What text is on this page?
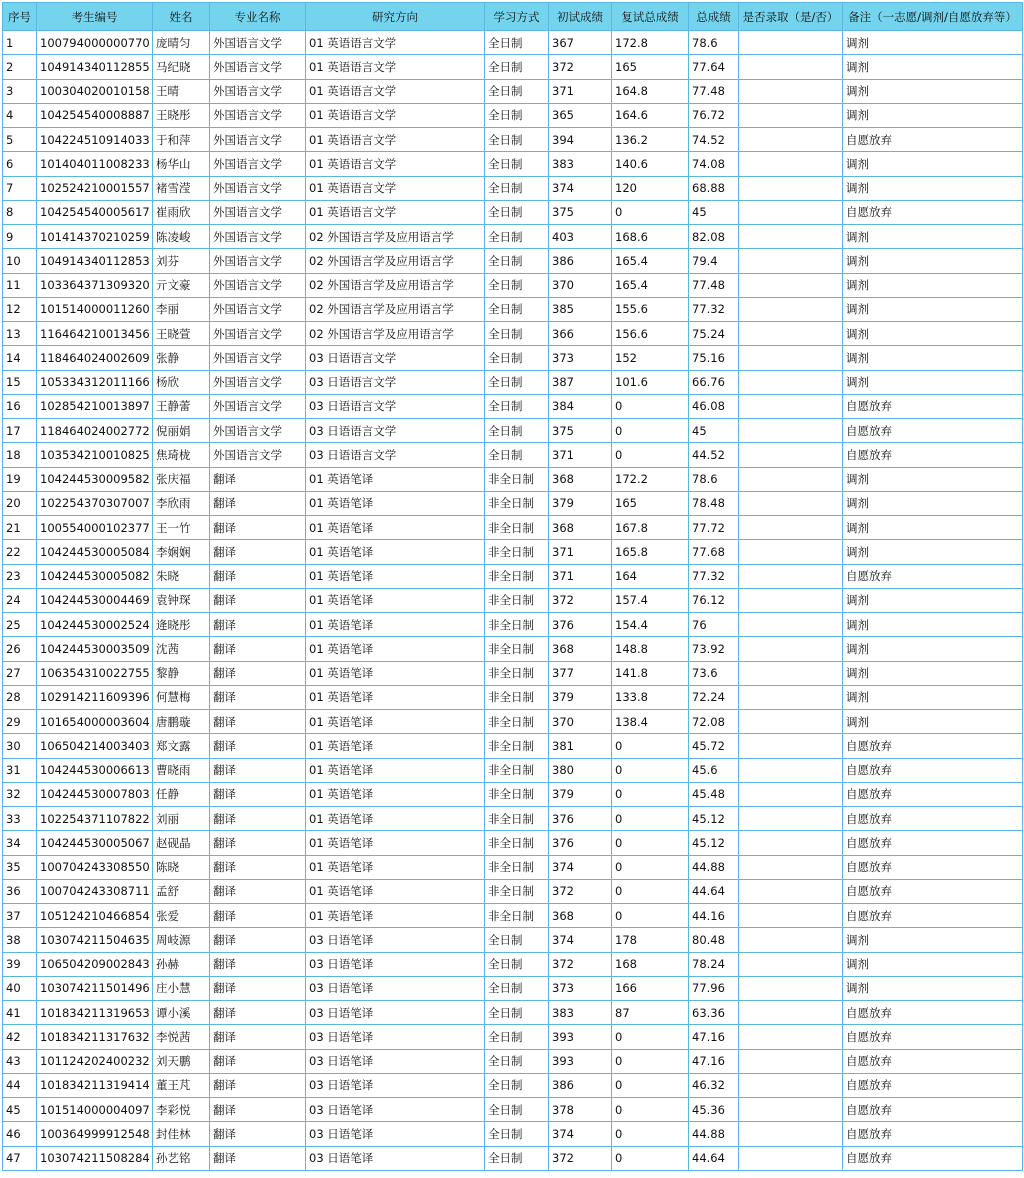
序号	考生编号	姓名	专业名称	研究方向	学习方式	初试成绩	复试总成绩	总成绩	是否录取（是/否）	备注（一志愿/调剂/自愿放弃等）
1	100794000000770	庞晴匀	外国语言文学	01 英语语言文学	全日制	367	172.8	78.6		调剂
2	104914340112855	马纪晓	外国语言文学	01 英语语言文学	全日制	372	165	77.64		调剂
3	100304020010158	王晴	外国语言文学	01 英语语言文学	全日制	371	164.8	77.48		调剂
4	104254540008887	王晓彤	外国语言文学	01 英语语言文学	全日制	365	164.6	76.72		调剂
5	104224510914033	于和萍	外国语言文学	01 英语语言文学	全日制	394	136.2	74.52		自愿放弃
6	101404011008233	杨华山	外国语言文学	01 英语语言文学	全日制	383	140.6	74.08		调剂
7	102524210001557	褚雪滢	外国语言文学	01 英语语言文学	全日制	374	120	68.88		调剂
8	104254540005617	崔雨欣	外国语言文学	01 英语语言文学	全日制	375	0	45		自愿放弃
9	101414370210259	陈凌峻	外国语言文学	02 外国语言学及应用语言学	全日制	403	168.6	82.08		调剂
10	104914340112853	刘芬	外国语言文学	02 外国语言学及应用语言学	全日制	386	165.4	79.4		调剂
11	103364371309320	亓文豪	外国语言文学	02 外国语言学及应用语言学	全日制	370	165.4	77.48		调剂
12	101514000011260	李丽	外国语言文学	02 外国语言学及应用语言学	全日制	385	155.6	77.32		调剂
13	116464210013456	王晓萱	外国语言文学	02 外国语言学及应用语言学	全日制	366	156.6	75.24		调剂
14	118464024002609	张静	外国语言文学	03 日语语言文学	全日制	373	152	75.16		调剂
15	105334312011166	杨欣	外国语言文学	03 日语语言文学	全日制	387	101.6	66.76		调剂
16	102854210013897	王静蕾	外国语言文学	03 日语语言文学	全日制	384	0	46.08		自愿放弃
17	118464024002772	倪丽娟	外国语言文学	03 日语语言文学	全日制	375	0	45		自愿放弃
18	103534210010825	焦琦栊	外国语言文学	03 日语语言文学	全日制	371	0	44.52		自愿放弃
19	104244530009582	张庆福	翻译	01 英语笔译	非全日制	368	172.2	78.6		调剂
20	102254370307007	李欣雨	翻译	01 英语笔译	非全日制	379	165	78.48		调剂
21	100554000102377	王一竹	翻译	01 英语笔译	非全日制	368	167.8	77.72		调剂
22	104244530005084	李娴娴	翻译	01 英语笔译	非全日制	371	165.8	77.68		调剂
23	104244530005082	朱晓	翻译	01 英语笔译	非全日制	371	164	77.32		自愿放弃
24	104244530004469	袁钟琛	翻译	01 英语笔译	非全日制	372	157.4	76.12		调剂
25	104244530002524	逄晓彤	翻译	01 英语笔译	非全日制	376	154.4	76		调剂
26	104244530003509	沈茜	翻译	01 英语笔译	非全日制	368	148.8	73.92		调剂
27	106354310022755	黎静	翻译	01 英语笔译	非全日制	377	141.8	73.6		调剂
28	102914211609396	何慧梅	翻译	01 英语笔译	非全日制	379	133.8	72.24		调剂
29	101654000003604	唐鹏璇	翻译	01 英语笔译	非全日制	370	138.4	72.08		调剂
30	106504214003403	郑文露	翻译	01 英语笔译	非全日制	381	0	45.72		自愿放弃
31	104244530006613	曹晓雨	翻译	01 英语笔译	非全日制	380	0	45.6		自愿放弃
32	104244530007803	任静	翻译	01 英语笔译	非全日制	379	0	45.48		自愿放弃
33	102254371107822	刘丽	翻译	01 英语笔译	非全日制	376	0	45.12		自愿放弃
34	104244530005067	赵砚晶	翻译	01 英语笔译	非全日制	376	0	45.12		自愿放弃
35	100704243308550	陈晓	翻译	01 英语笔译	非全日制	374	0	44.88		自愿放弃
36	100704243308711	孟舒	翻译	01 英语笔译	非全日制	372	0	44.64		自愿放弃
37	105124210466854	张爱	翻译	01 英语笔译	非全日制	368	0	44.16		自愿放弃
38	103074211504635	周岐源	翻译	03 日语笔译	全日制	374	178	80.48		调剂
39	106504209002843	孙赫	翻译	03 日语笔译	全日制	372	168	78.24		调剂
40	103074211501496	庄小慧	翻译	03 日语笔译	全日制	373	166	77.96		调剂
41	101834211319653	谭小溪	翻译	03 日语笔译	全日制	383	87	63.36		自愿放弃
42	101834211317632	李悦茜	翻译	03 日语笔译	全日制	393	0	47.16		自愿放弃
43	101124202400232	刘天鹏	翻译	03 日语笔译	全日制	393	0	47.16		自愿放弃
44	101834211319414	董王芃	翻译	03 日语笔译	全日制	386	0	46.32		自愿放弃
45	101514000004097	李彩悦	翻译	03 日语笔译	全日制	378	0	45.36		自愿放弃
46	100364999912548	封佳林	翻译	03 日语笔译	全日制	374	0	44.88		自愿放弃
47	103074211508284	孙艺铭	翻译	03 日语笔译	全日制	372	0	44.64		自愿放弃
